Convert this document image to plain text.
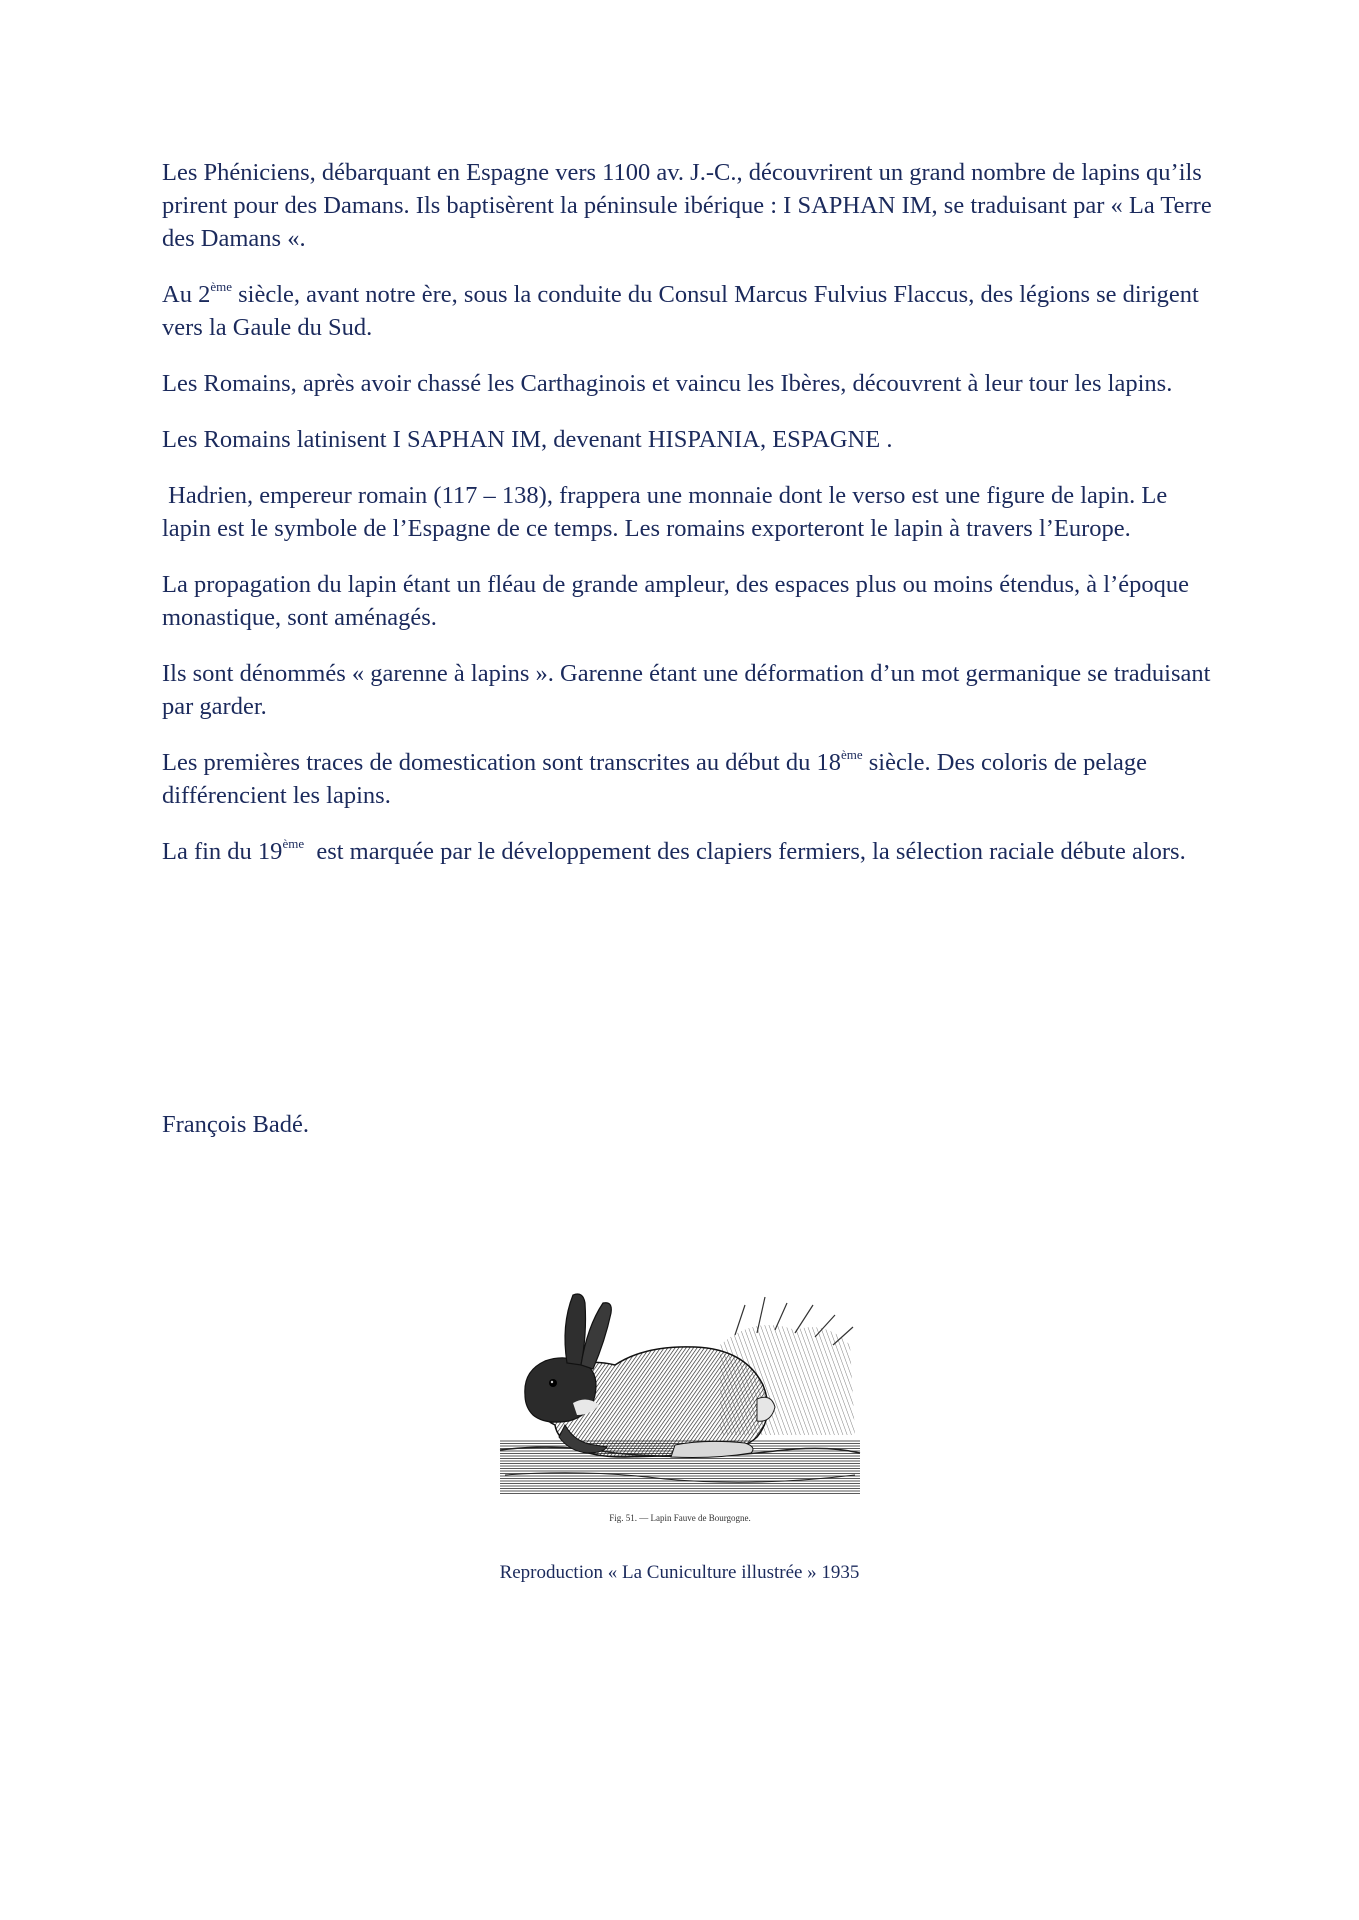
Les Phéniciens, débarquant en Espagne vers 1100 av. J.-C., découvrirent un grand nombre de lapins qu’ils prirent pour des Damans. Ils baptisèrent la péninsule ibérique : I SAPHAN IM, se traduisant par « La Terre des Damans «.

Au 2ème siècle, avant notre ère, sous la conduite du Consul Marcus Fulvius Flaccus, des légions se dirigent vers la Gaule du Sud.

Les Romains, après avoir chassé les Carthaginois et vaincu les Ibères, découvrent à leur tour les lapins.

Les Romains latinisent I SAPHAN IM, devenant HISPANIA, ESPAGNE .

Hadrien, empereur romain (117 – 138), frappera une monnaie dont le verso est une figure de lapin. Le lapin est le symbole de l’Espagne de ce temps. Les romains exporteront le lapin à travers l’Europe.

La propagation du lapin étant un fléau de grande ampleur, des espaces plus ou moins étendus, à l’époque monastique, sont aménagés.

Ils sont dénommés « garenne à lapins ». Garenne étant une déformation d’un mot germanique se traduisant par garder.

Les premières traces de domestication sont transcrites au début du 18ème siècle. Des coloris de pelage différencient les lapins.

La fin du 19ème  est marquée par le développement des clapiers fermiers, la sélection raciale débute alors.

François Badé.
Fig. 51. — Lapin Fauve de Bourgogne.
Reproduction « La Cuniculture illustrée » 1935
